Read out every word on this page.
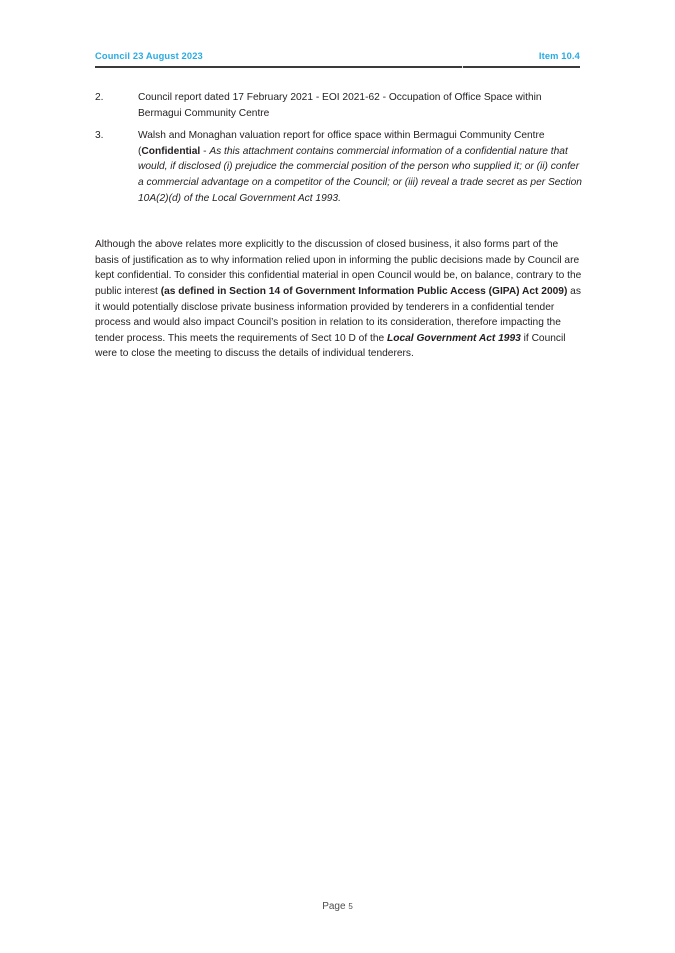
Council 23 August 2023	Item 10.4
2.	Council report dated 17 February 2021 - EOI 2021-62 - Occupation of Office Space within Bermagui Community Centre
3.	Walsh and Monaghan valuation report for office space within Bermagui Community Centre (Confidential - As this attachment contains commercial information of a confidential nature that would, if disclosed (i) prejudice the commercial position of the person who supplied it; or (ii) confer a commercial advantage on a competitor of the Council; or (iii) reveal a trade secret as per Section 10A(2)(d) of the Local Government Act 1993.
Although the above relates more explicitly to the discussion of closed business, it also forms part of the basis of justification as to why information relied upon in informing the public decisions made by Council are kept confidential. To consider this confidential material in open Council would be, on balance, contrary to the public interest (as defined in Section 14 of Government Information Public Access (GIPA) Act 2009) as it would potentially disclose private business information provided by tenderers in a confidential tender process and would also impact Council’s position in relation to its consideration, therefore impacting the tender process. This meets the requirements of Sect 10 D of the Local Government Act 1993 if Council were to close the meeting to discuss the details of individual tenderers.
Page 5
